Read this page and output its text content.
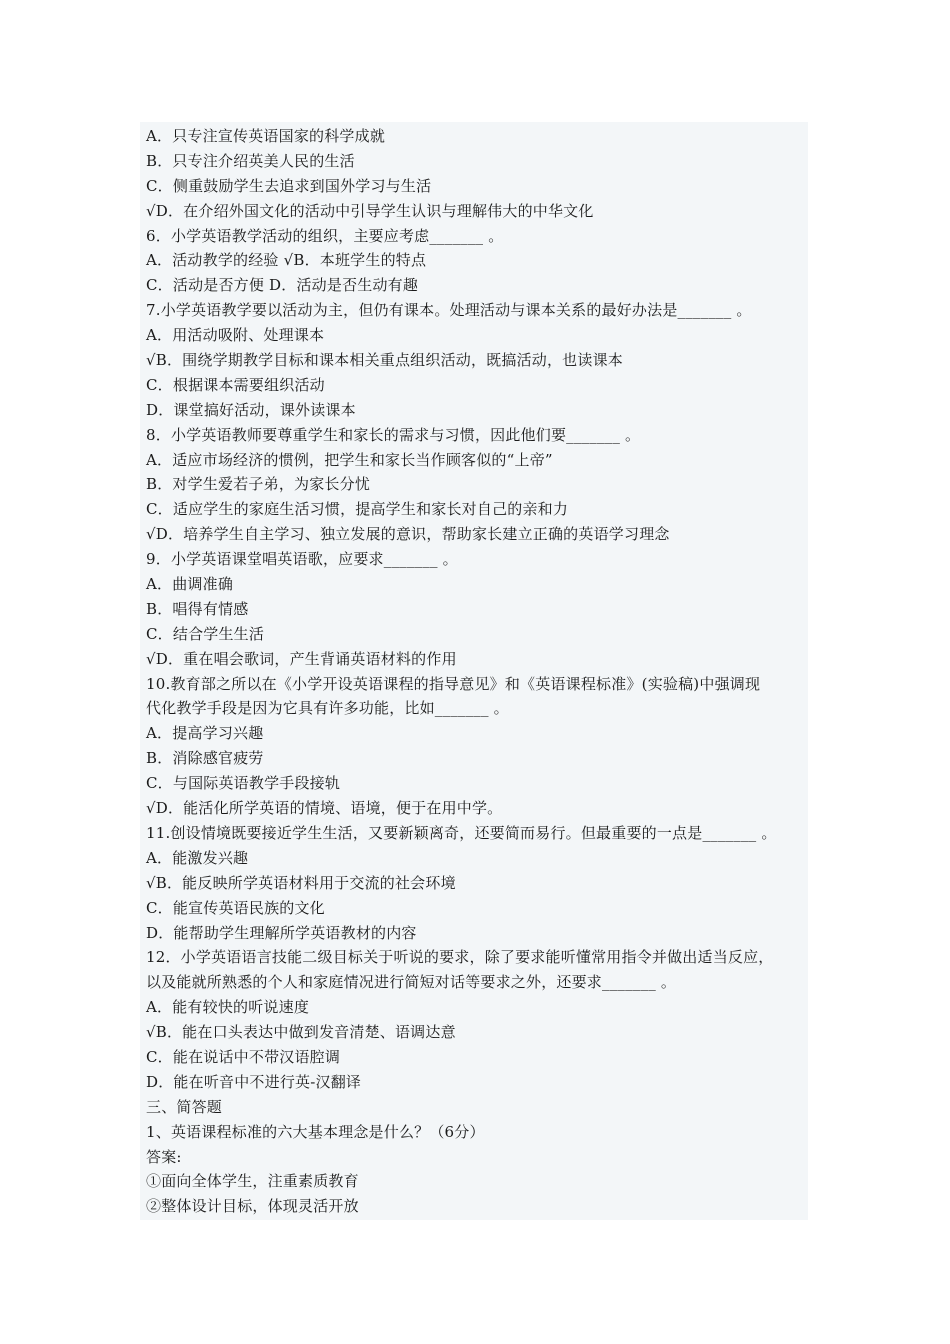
A．只专注宣传英语国家的科学成就
B．只专注介绍英美人民的生活
C．侧重鼓励学生去追求到国外学习与生活
√D．在介绍外国文化的活动中引导学生认识与理解伟大的中华文化
6．小学英语教学活动的组织，主要应考虑_______ 。
A．活动教学的经验 √B．本班学生的特点
C．活动是否方便 D．活动是否生动有趣
7.小学英语教学要以活动为主，但仍有课本。处理活动与课本关系的最好办法是_______ 。
A．用活动吸附、处理课本
√B．围绕学期教学目标和课本相关重点组织活动，既搞活动，也读课本
C．根据课本需要组织活动
D．课堂搞好活动，课外读课本
8．小学英语教师要尊重学生和家长的需求与习惯，因此他们要_______ 。
A．适应市场经济的惯例，把学生和家长当作顾客似的“上帝”
B．对学生爱若子弟，为家长分忧
C．适应学生的家庭生活习惯，提高学生和家长对自己的亲和力
√D．培养学生自主学习、独立发展的意识，帮助家长建立正确的英语学习理念
9．小学英语课堂唱英语歌，应要求_______ 。
A．曲调准确
B．唱得有情感
C．结合学生生活
√D．重在唱会歌词，产生背诵英语材料的作用
10.教育部之所以在《小学开设英语课程的指导意见》和《英语课程标准》(实验稿)中强调现
代化教学手段是因为它具有许多功能，比如_______ 。
A．提高学习兴趣
B．消除感官疲劳
C．与国际英语教学手段接轨
√D．能活化所学英语的情境、语境，便于在用中学。
11.创设情境既要接近学生生活，又要新颖离奇，还要简而易行。但最重要的一点是_______ 。
A．能激发兴趣
√B．能反映所学英语材料用于交流的社会环境
C．能宣传英语民族的文化
D．能帮助学生理解所学英语教材的内容
12．小学英语语言技能二级目标关于听说的要求，除了要求能听懂常用指令并做出适当反应，
以及能就所熟悉的个人和家庭情况进行简短对话等要求之外，还要求_______ 。
A．能有较快的听说速度
√B．能在口头表达中做到发音清楚、语调达意
C．能在说话中不带汉语腔调
D．能在听音中不进行英-汉翻译
三、简答题
1、英语课程标准的六大基本理念是什么？（6分）
答案:
①面向全体学生，注重素质教育
②整体设计目标，体现灵活开放
